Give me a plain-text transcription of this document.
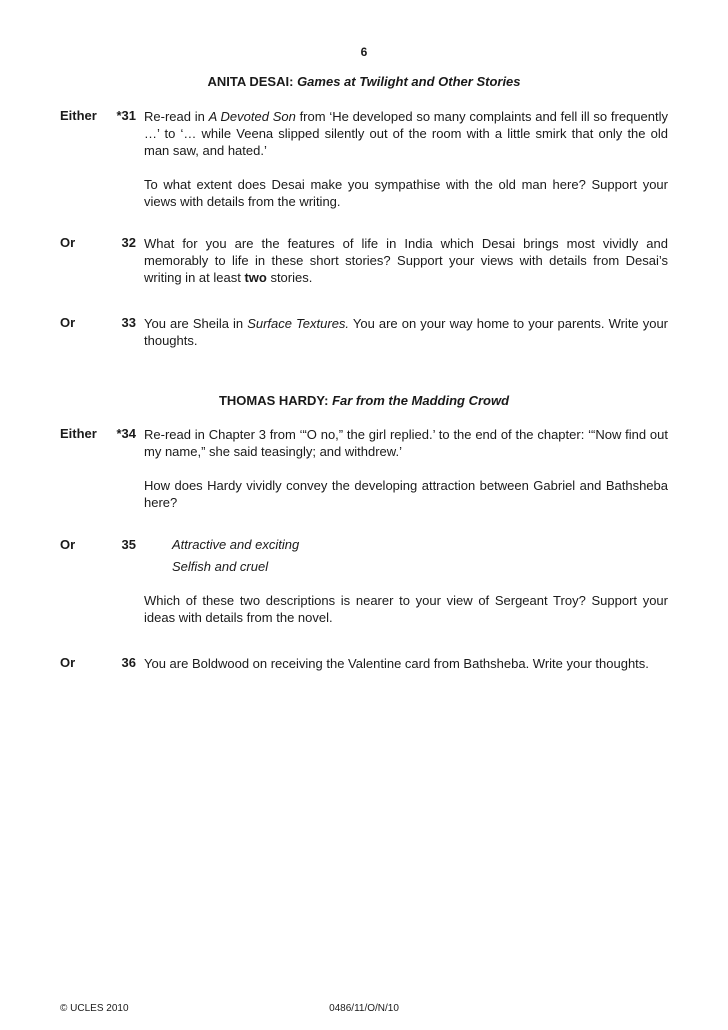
6
ANITA DESAI: Games at Twilight and Other Stories
Either	*31 Re-read in A Devoted Son from ‘He developed so many complaints and fell ill so frequently …’ to ‘… while Veena slipped silently out of the room with a little smirk that only the old man saw, and hated.’

To what extent does Desai make you sympathise with the old man here? Support your views with details from the writing.

Or	32 What for you are the features of life in India which Desai brings most vividly and memorably to life in these short stories? Support your views with details from Desai’s writing in at least two stories.

Or	33 You are Sheila in Surface Textures. You are on your way home to your parents. Write your thoughts.

THOMAS HARDY: Far from the Madding Crowd
Either	*34 Re-read in Chapter 3 from ‘“O no,” the girl replied.’ to the end of the chapter: ‘“Now find out my name,” she said teasingly; and withdrew.’

How does Hardy vividly convey the developing attraction between Gabriel and Bathsheba here?

Or	35	Attractive and exciting
Selfish and cruel

Which of these two descriptions is nearer to your view of Sergeant Troy? Support your ideas with details from the novel.

Or	36 You are Boldwood on receiving the Valentine card from Bathsheba. Write your thoughts.

© UCLES 2010	0486/11/O/N/10
